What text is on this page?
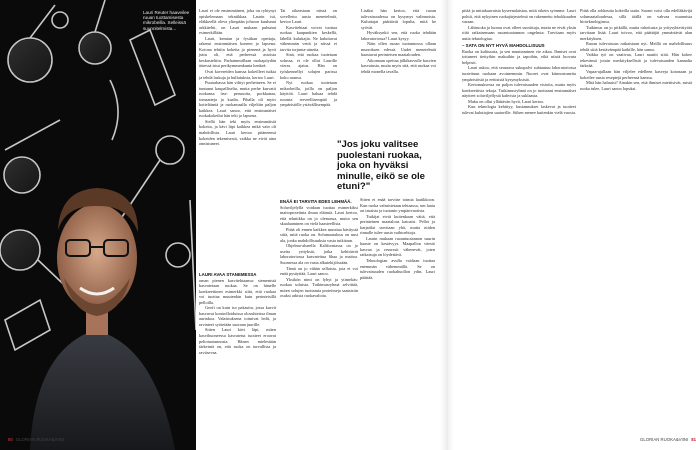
Lauri Reuter haaveilee ruuan tuottamisesta mikrobeilla. Selleissä suunnitelmista...

Lauri ei ole ensimmäinen, joka on ryhtynyt opiskelemaan tekniikkaa. Laurin isä, eläkkeellä oleva ylimpään johtoon kuulunut arkkitehti, on Lauri mukaan puhunut esimerkillään.

Lauri, kemian ja fysiikan opettaja, rakensi ensimmäisen koneen jo lapsena. Kotona tehtiin kokeita jo pienenä ja hyvä juttu oli, että perheessä asioista keskusteltiin. Parhaimmillaan ruokapöydän ääressä istui perikymmenkunta henkeä.

Ovat kavereiden kanssa kokeilleet tutkia ja tehdä laskuja ja hullutuksia, kertoo Lauri.

Puutarhassa hän vilttyi perheineen. Se ei tuntunut kaupalliselta, mutta perhe kasvatti ruokansa itse: perunoita, porkkanaa, tomaatteja ja kaalia. Pihalla oli myös kotieläimiä ja ruokamaalla viljeltiin paljon kaikkea. Lauri sanoo, että ensimmäiset ruokakokeilut hän teki jo lapsena.

Siellä hän teki myös ensimmäisiä kokeita, ja kävi läpi kaikkea mikä vain oli mahdollista. Lauri kertoo pitäneensä kokeiden tekemisestä, vaikka ne eivät aina onnistuneet.

LAURI AVAA STANEMESSA

oman pienen kasvitehtaansa: siemenistä kasvatetaan ruokaa. Se on hänelle konkreettinen esimerkki siitä, että ruokaa voi tuottaa muutenkin kuin perinteisillä pelloilla.

Geofi on kuin iso pakastin, jossa kasvit kasvavat kontrolloiduissa olosuhteissa ilman aurinkoa. Valaistuksena toimivat ledit, ja ravinteet syötetään suoraan juurille.

Sitten Lauri kävi läpi, miten kasvihuoneessa kasvatetut tuotteet eroavat peltotuotannosta. Hänen mielestään tärkeintä on, että ruoka on turvallista ja ravitsevaa.

Tai oikeastaan niissä on sovellettu uusia menetelmiä, kertoo Lauri.

Kasvitehtaat voivat tuottaa ruokaa kaupunkien keskellä, lähellä kuluttajia. Ne kuluttavat vähemmän vettä ja niissä ei tarvita torjunta-aineita.

Sinä, että ruokaa tuotetaan solussa, ei ole ollut Laurille vieras ajatus. Hän on työskennellyt solujen parissa koko uransa.

Nyt ruokaa tuotetaan mikrobeilla, joilla on paljon käyttöä. Lauri haluaa tehdä ruoasta terveellisempää ja ympäristölle ystävällisempää.

"Jos joku valitsee puolestani ruokaa, joka on hyväksi minulle, eikö se ole etuni?"
ENÄÄ EI TARVITA EDES LEHMÄÄ.

Soluviljelyllä voidaan tuottaa esimerkiksi maitoproteiinia ilman eläimiä. Lauri kertoo, että tekniikka on jo olemassa, mutta sen skaalaaminen on vielä haasteellista.

Pitää oli ennen kaikkea muuttaa käsitystä siitä, mitä ruoka on. Solumaatalous on uusi ala, jonka mahdollisuuksia vasta tutkitaan.

Ohjelma-alueella Kaliforniassa on jo useita yrityksiä, jotka kehittävät laboratoriossa kasvatettua lihaa ja maitoa. Suomessa ala on vasta alkutekijöissään.

Tämä on jo vähän sellaista, jota ei voi enää pysäyttää, Lauri sanoo.

Yksikön nimi on lyhyt ja ytimekäs: ruokaa soluista. Tutkimusryhmä selvittää, miten solujen tuottamia proteiineja saataisiin osaksi arkista ruokavaliota.

Lisäksi hän kertoo, että ruoan tulevaisuudessa on kysymys valinnoista. Kuluttajat päättävät lopulta, mitä he syövät.

Hyväksynkö sen, että ruoka tehdään laboratoriossa? Lauri kysyy.

Näin ollen ruoan tuotannossa ollaan murroksen edessä. Uudet menetelmät haastavat perinteisen maatalouden.

Aikomaan opettaa jälkikasvulle kasvien kasvatusta, mutta myös sitä, että ruokaa voi tehdä monella tavalla.

Sitten ei enää tarvitse toimia laatikkoon. Kun ruoka valmistetaan tehtaassa, sen laatu on tasaista ja tuotanto ympärivuotista.

Tutkijat eivät kuitenkaan väitä, että perinteinen maatalous katoaisi. Pellot ja karjatilat tarvitaan yhä, mutta niiden rinnalle tulee uusia vaihtoehtoja.

Laurin mukaan ruoantuotannon suurin haaste on kestävyys. Maapallon väestö kasvaa ja resurssit vähenevät, joten ratkaisuja on löydettävä.

Teknologian avulla voidaan tuottaa enemmän vähemmällä. Se on tulevaisuuden ruokahuollon ydin, Lauri päättää.

80 GLORIAN RUOKA&VIINI

pitää ja mittakaavaista kyseenalaistaa, mitä oikein syömme. Lauri pohtii, että nykyinen ruokajärjestelmä on rakennettu tehokkuuden varaan.

Lähiruoka ja luomu ovat olleet suosittuja, mutta ne eivät yksin riitä ratkaisemaan ruoantuotannon ongelmia. Tarvitaan myös uutta teknologiaa.

– SATA ON NYT HYVÄ MAHDOLLISUUS

Ruoka on kulttuuria, ja sen muuttaminen vie aikaa. Ihmiset ovat tottuneet tiettyihin makuihin ja tapoihin, eikä niistä luovuta helposti.

Lauri uskoo, että seuraava sukupolvi suhtautuu laboratoriossa tuotettuun ruokaan avoimemmin. Nuoret ovat kiinnostuneita ympäristöstä ja eettisistä kysymyksistä.

Kertomuksessa on paljon tulevaisuuden visioita, mutta myös konkreettisia tekoja. Tutkimusryhmä on jo tuottanut ensimmäiset näytteet soluviljellystä kahvista ja suklaasta.

Maku on ollut yllättävän hyvä, Lauri kertoo.

Kun teknologia kehittyy, kustannukset laskevat ja tuotteet tulevat kuluttajien saataville. Siihen menee kuitenkin vielä vuosia.

Pitää olla rohkeutta kokeilla uutta. Suomi voisi olla edelläkävijä solumaataloudessa, sillä täällä on vahvaa osaamista bioteknologiassa.

Tutkimus on jo pitkällä, mutta rahoitusta ja yritysyhteistyötä tarvitaan lisää. Lauri toivoo, että päättäjät ymmärtävät alan merkityksen.

Ruoan tulevaisuus ratkaistaan nyt. Meillä on mahdollisuus tehdä siitä kestävämpää kaikille, hän sanoo.

Vaikka työ on vaativaa, Lauri nauttii siitä. Hän kokee tekevänsä jotain merkityksellistä ja tulevaisuuden kannalta tärkeää.

Vapaa-ajallaan hän viljelee edelleen kasveja kotonaan ja kokeilee uusia reseptejä perheensä kanssa.

Mitä hän haluaisi? Ainakin sen, että ihmiset miettisivät, mistä ruoka tulee, Lauri sanoo lopuksi.

GLORIAN RUOKA&VIINI 81
